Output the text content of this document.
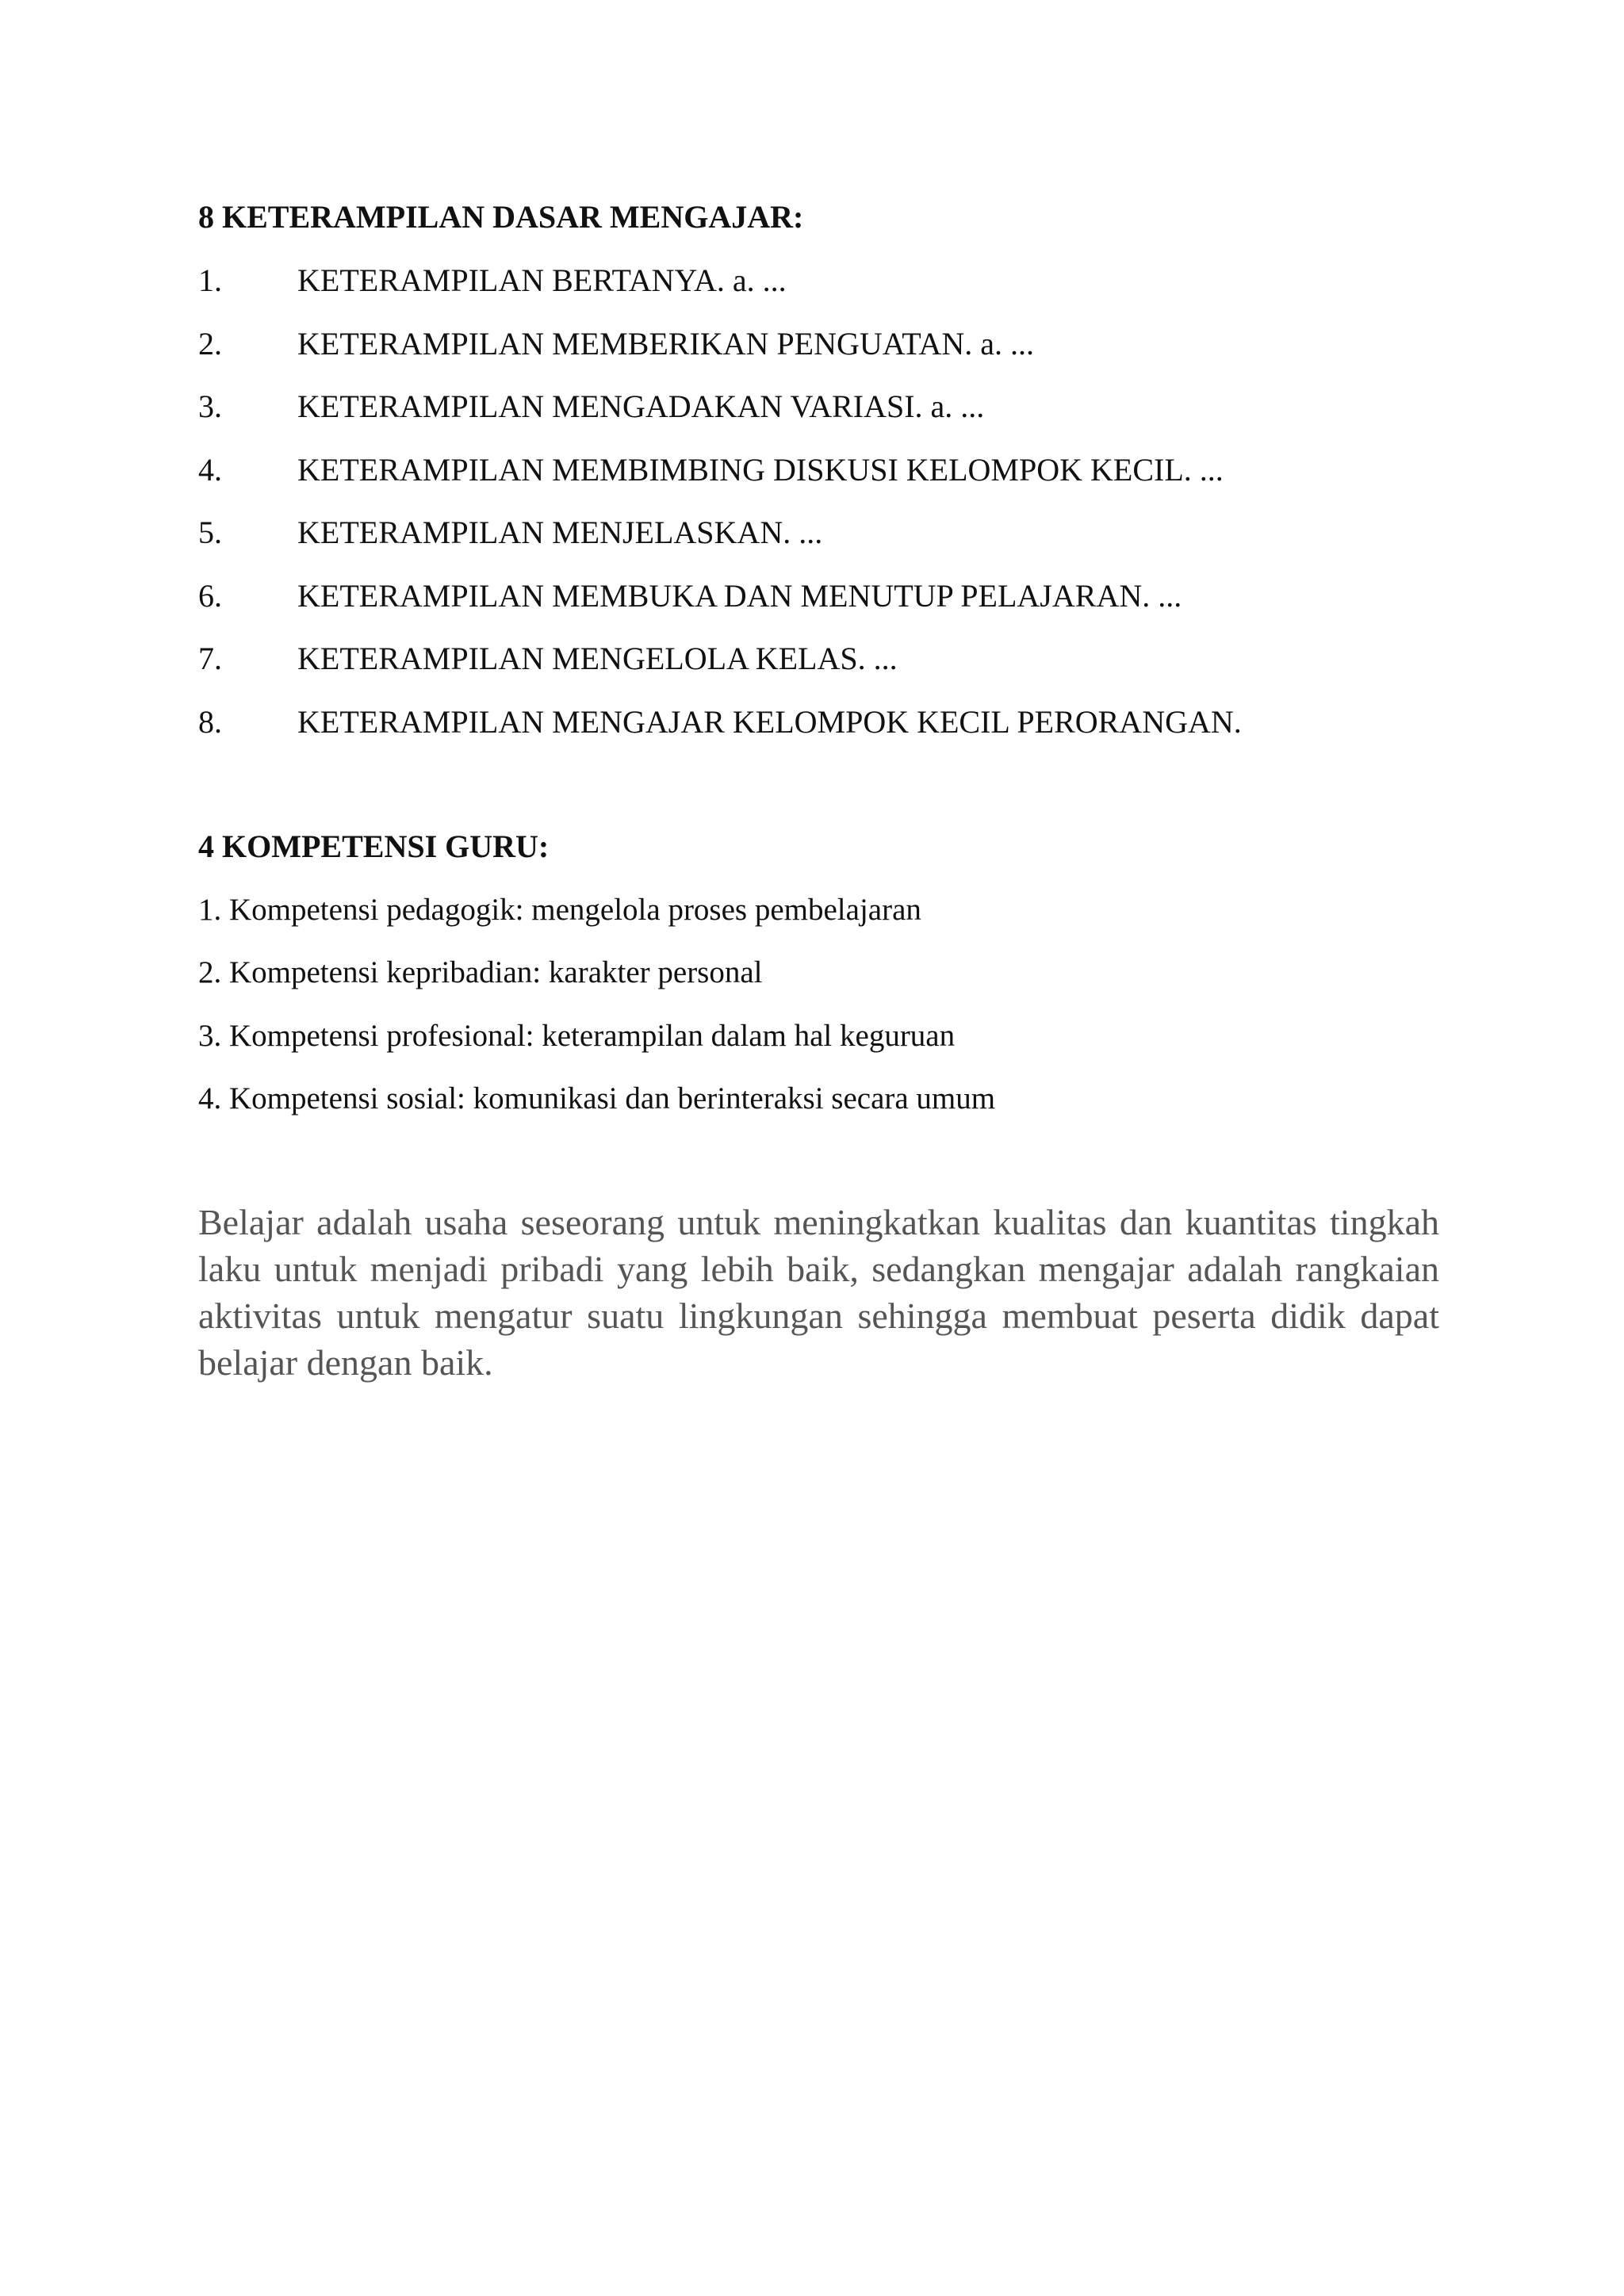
8 KETERAMPILAN DASAR MENGAJAR:
1.	KETERAMPILAN BERTANYA. a. ...
2.	KETERAMPILAN MEMBERIKAN PENGUATAN. a. ...
3.	KETERAMPILAN MENGADAKAN VARIASI. a. ...
4.	KETERAMPILAN MEMBIMBING DISKUSI KELOMPOK KECIL. ...
5.	KETERAMPILAN MENJELASKAN. ...
6.	KETERAMPILAN MEMBUKA DAN MENUTUP PELAJARAN. ...
7.	KETERAMPILAN MENGELOLA KELAS. ...
8.	KETERAMPILAN MENGAJAR KELOMPOK KECIL PERORANGAN.
4 KOMPETENSI GURU:
1. Kompetensi pedagogik: mengelola proses pembelajaran
2. Kompetensi kepribadian: karakter personal
3. Kompetensi profesional: keterampilan dalam hal keguruan
4. Kompetensi sosial: komunikasi dan berinteraksi secara umum

Belajar adalah usaha seseorang untuk meningkatkan kualitas dan kuantitas tingkah laku untuk menjadi pribadi yang lebih baik, sedangkan mengajar adalah rangkaian aktivitas untuk mengatur suatu lingkungan sehingga membuat peserta didik dapat belajar dengan baik.
